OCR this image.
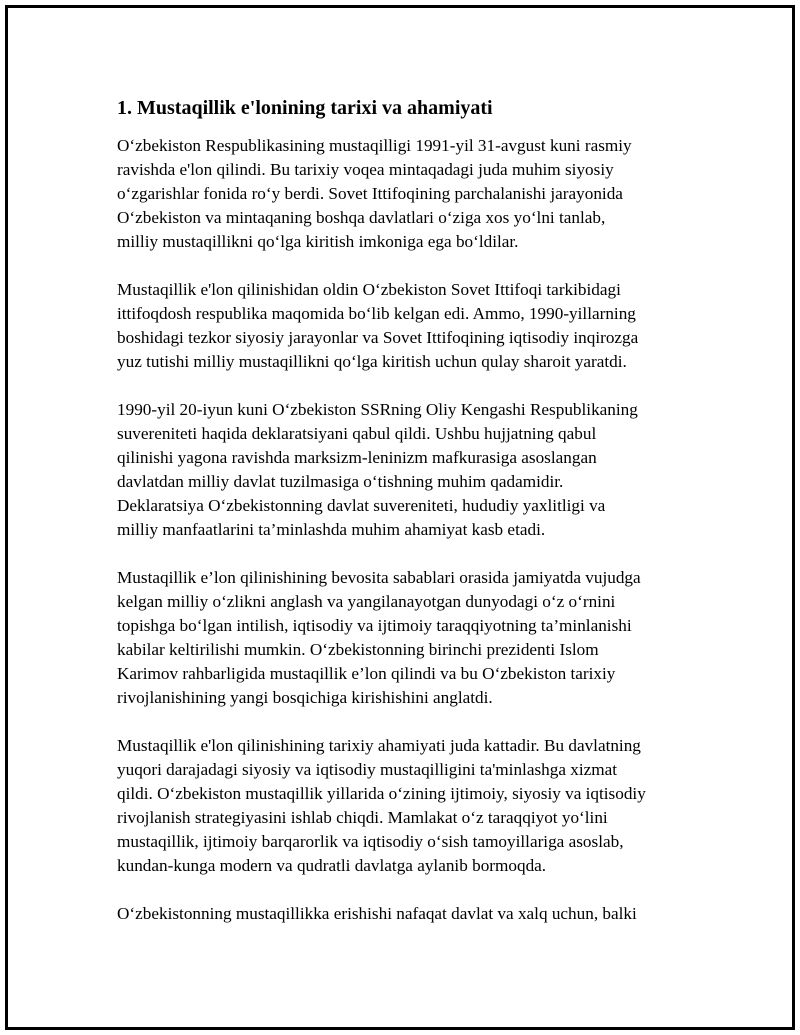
1. Mustaqillik e'lonining tarixi va ahamiyati

O‘zbekiston Respublikasining mustaqilligi 1991-yil 31-avgust kuni rasmiy
ravishda e'lon qilindi. Bu tarixiy voqea mintaqadagi juda muhim siyosiy
o‘zgarishlar fonida ro‘y berdi. Sovet Ittifoqining parchalanishi jarayonida
O‘zbekiston va mintaqaning boshqa davlatlari o‘ziga xos yo‘lni tanlab,
milliy mustaqillikni qo‘lga kiritish imkoniga ega bo‘ldilar.

Mustaqillik e'lon qilinishidan oldin O‘zbekiston Sovet Ittifoqi tarkibidagi
ittifoqdosh respublika maqomida bo‘lib kelgan edi. Ammo, 1990-yillarning
boshidagi tezkor siyosiy jarayonlar va Sovet Ittifoqining iqtisodiy inqirozga
yuz tutishi milliy mustaqillikni qo‘lga kiritish uchun qulay sharoit yaratdi.

1990-yil 20-iyun kuni O‘zbekiston SSRning Oliy Kengashi Respublikaning
suvereniteti haqida deklaratsiyani qabul qildi. Ushbu hujjatning qabul
qilinishi yagona ravishda marksizm-leninizm mafkurasiga asoslangan
davlatdan milliy davlat tuzilmasiga o‘tishning muhim qadamidir.
Deklaratsiya O‘zbekistonning davlat suvereniteti, hududiy yaxlitligi va
milliy manfaatlarini ta’minlashda muhim ahamiyat kasb etadi.

Mustaqillik e’lon qilinishining bevosita sabablari orasida jamiyatda vujudga
kelgan milliy o‘zlikni anglash va yangilanayotgan dunyodagi o‘z o‘rnini
topishga bo‘lgan intilish, iqtisodiy va ijtimoiy taraqqiyotning ta’minlanishi
kabilar keltirilishi mumkin. O‘zbekistonning birinchi prezidenti Islom
Karimov rahbarligida mustaqillik e’lon qilindi va bu O‘zbekiston tarixiy
rivojlanishining yangi bosqichiga kirishishini anglatdi.

Mustaqillik e'lon qilinishining tarixiy ahamiyati juda kattadir. Bu davlatning
yuqori darajadagi siyosiy va iqtisodiy mustaqilligini ta'minlashga xizmat
qildi. O‘zbekiston mustaqillik yillarida o‘zining ijtimoiy, siyosiy va iqtisodiy
rivojlanish strategiyasini ishlab chiqdi. Mamlakat o‘z taraqqiyot yo‘lini
mustaqillik, ijtimoiy barqarorlik va iqtisodiy o‘sish tamoyillariga asoslab,
kundan-kunga modern va qudratli davlatga aylanib bormoqda.

O‘zbekistonning mustaqillikka erishishi nafaqat davlat va xalq uchun, balki
